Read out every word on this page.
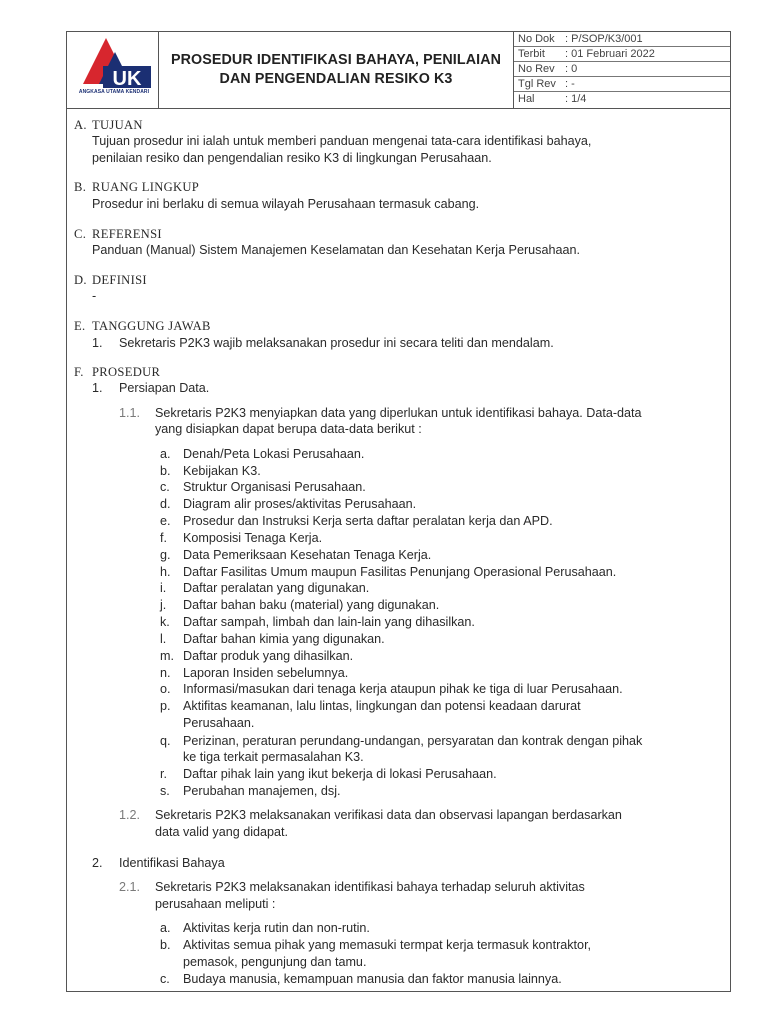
UK
ANGKASA UTAMA KENDARI
PROSEDUR IDENTIFIKASI BAHAYA, PENILAIAN
DAN PENGENDALIAN RESIKO K3
No Dok : P/SOP/K3/001
Terbit : 01 Februari 2022
No Rev : 0
Tgl Rev : -
Hal	: 1/4
A. TUJUAN
Tujuan prosedur ini ialah untuk memberi panduan mengenai tata-cara identifikasi bahaya,
penilaian resiko dan pengendalian resiko K3 di lingkungan Perusahaan.
B. RUANG LINGKUP
Prosedur ini berlaku di semua wilayah Perusahaan termasuk cabang.
C. REFERENSI
Panduan (Manual) Sistem Manajemen Keselamatan dan Kesehatan Kerja Perusahaan.
D. DEFINISI
-
E. TANGGUNG JAWAB
1. Sekretaris P2K3 wajib melaksanakan prosedur ini secara teliti dan mendalam.
F. PROSEDUR
1. Persiapan Data.
1.1. Sekretaris P2K3 menyiapkan data yang diperlukan untuk identifikasi bahaya. Data-data
yang disiapkan dapat berupa data-data berikut :
a. Denah/Peta Lokasi Perusahaan.
b. Kebijakan K3.
c. Struktur Organisasi Perusahaan.
d. Diagram alir proses/aktivitas Perusahaan.
e. Prosedur dan Instruksi Kerja serta daftar peralatan kerja dan APD.
f. Komposisi Tenaga Kerja.
g. Data Pemeriksaan Kesehatan Tenaga Kerja.
h. Daftar Fasilitas Umum maupun Fasilitas Penunjang Operasional Perusahaan.
i. Daftar peralatan yang digunakan.
j. Daftar bahan baku (material) yang digunakan.
k. Daftar sampah, limbah dan lain-lain yang dihasilkan.
l. Daftar bahan kimia yang digunakan.
m. Daftar produk yang dihasilkan.
n. Laporan Insiden sebelumnya.
o. Informasi/masukan dari tenaga kerja ataupun pihak ke tiga di luar Perusahaan.
p. Aktifitas keamanan, lalu lintas, lingkungan dan potensi keadaan darurat
Perusahaan.
q. Perizinan, peraturan perundang-undangan, persyaratan dan kontrak dengan pihak
ke tiga terkait permasalahan K3.
r. Daftar pihak lain yang ikut bekerja di lokasi Perusahaan.
s. Perubahan manajemen, dsj.
1.2. Sekretaris P2K3 melaksanakan verifikasi data dan observasi lapangan berdasarkan
data valid yang didapat.
2. Identifikasi Bahaya
2.1. Sekretaris P2K3 melaksanakan identifikasi bahaya terhadap seluruh aktivitas
perusahaan meliputi :
a. Aktivitas kerja rutin dan non-rutin.
b. Aktivitas semua pihak yang memasuki termpat kerja termasuk kontraktor,
pemasok, pengunjung dan tamu.
c. Budaya manusia, kemampuan manusia dan faktor manusia lainnya.
